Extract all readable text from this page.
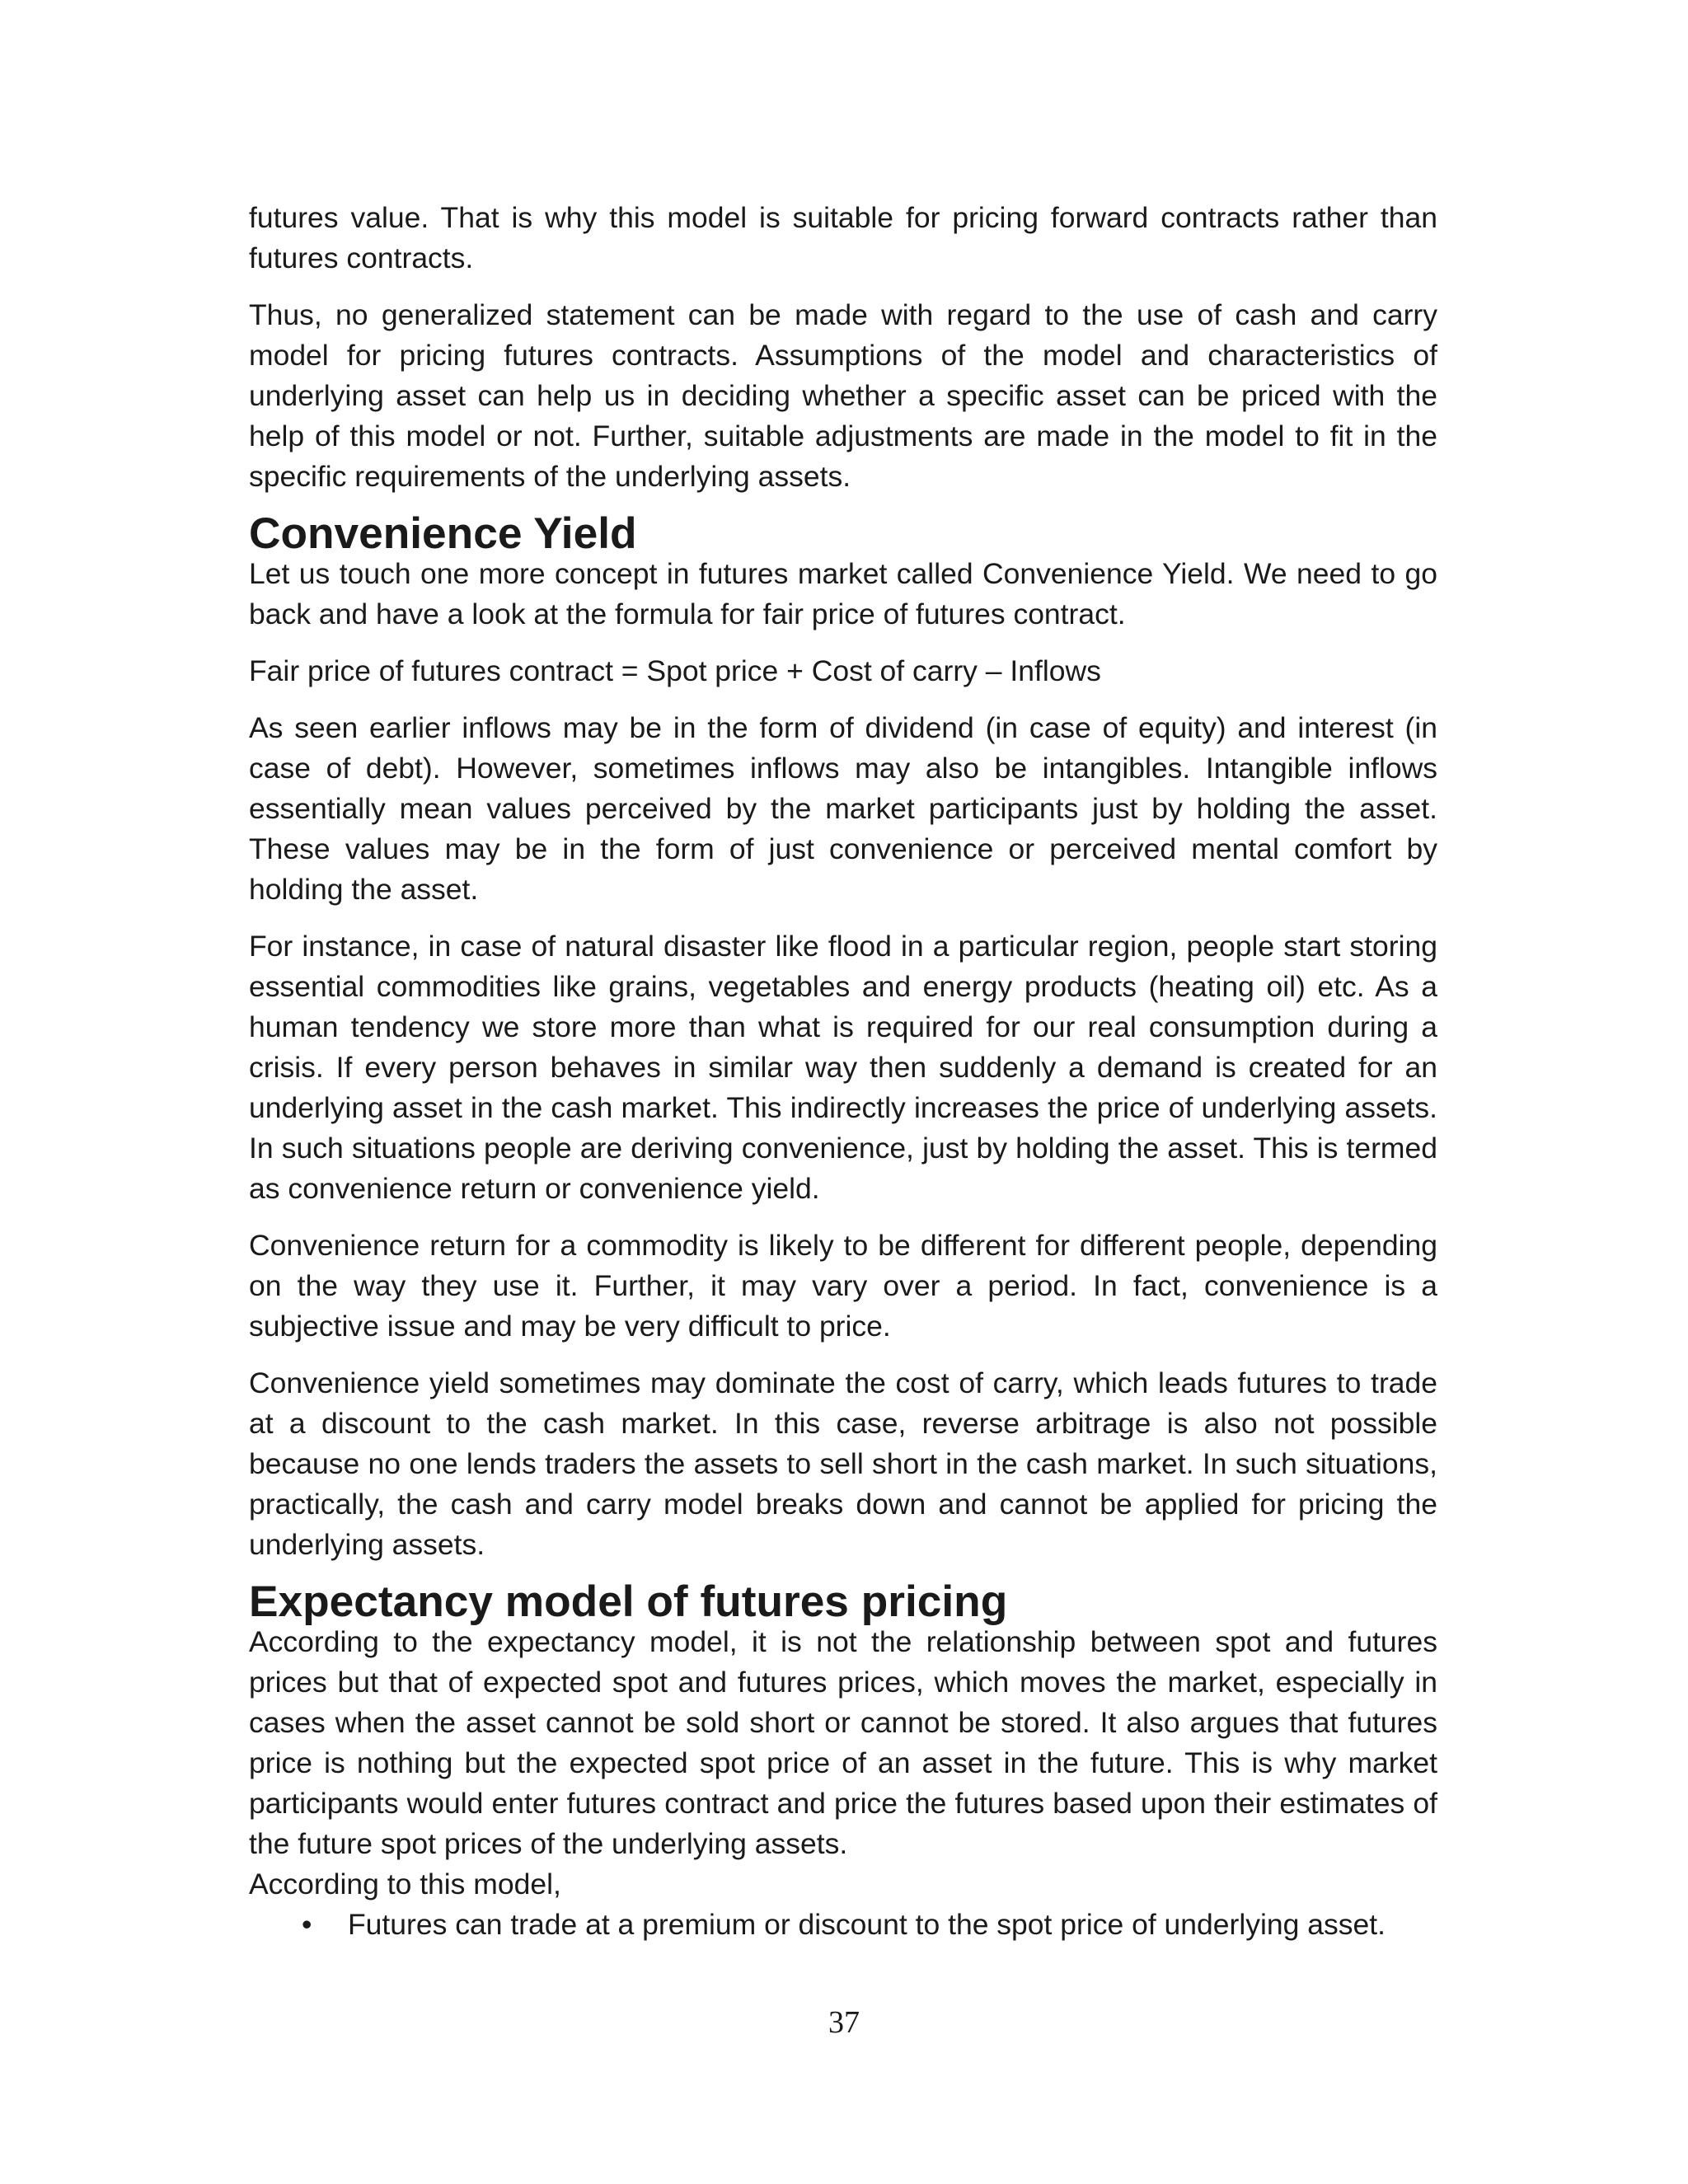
futures value. That is why this model is suitable for pricing forward contracts rather than futures contracts.

Thus, no generalized statement can be made with regard to the use of cash and carry model for pricing futures contracts. Assumptions of the model and characteristics of underlying asset can help us in deciding whether a specific asset can be priced with the help of this model or not. Further, suitable adjustments are made in the model to fit in the specific requirements of the underlying assets.

Convenience Yield

Let us touch one more concept in futures market called Convenience Yield. We need to go back and have a look at the formula for fair price of futures contract.

Fair price of futures contract = Spot price + Cost of carry – Inflows

As seen earlier inflows may be in the form of dividend (in case of equity) and interest (in case of debt). However, sometimes inflows may also be intangibles. Intangible inflows essentially mean values perceived by the market participants just by holding the asset. These values may be in the form of just convenience or perceived mental comfort by holding the asset.

For instance, in case of natural disaster like flood in a particular region, people start storing essential commodities like grains, vegetables and energy products (heating oil) etc. As a human tendency we store more than what is required for our real consumption during a crisis. If every person behaves in similar way then suddenly a demand is created for an underlying asset in the cash market. This indirectly increases the price of underlying assets. In such situations people are deriving convenience, just by holding the asset. This is termed as convenience return or convenience yield.

Convenience return for a commodity is likely to be different for different people, depending on the way they use it. Further, it may vary over a period. In fact, convenience is a subjective issue and may be very difficult to price.

Convenience yield sometimes may dominate the cost of carry, which leads futures to trade at a discount to the cash market. In this case, reverse arbitrage is also not possible because no one lends traders the assets to sell short in the cash market. In such situations, practically, the cash and carry model breaks down and cannot be applied for pricing the underlying assets.

Expectancy model of futures pricing

According to the expectancy model, it is not the relationship between spot and futures prices but that of expected spot and futures prices, which moves the market, especially in cases when the asset cannot be sold short or cannot be stored. It also argues that futures price is nothing but the expected spot price of an asset in the future. This is why market participants would enter futures contract and price the futures based upon their estimates of the future spot prices of the underlying assets.

According to this model,

• Futures can trade at a premium or discount to the spot price of underlying asset.
37
